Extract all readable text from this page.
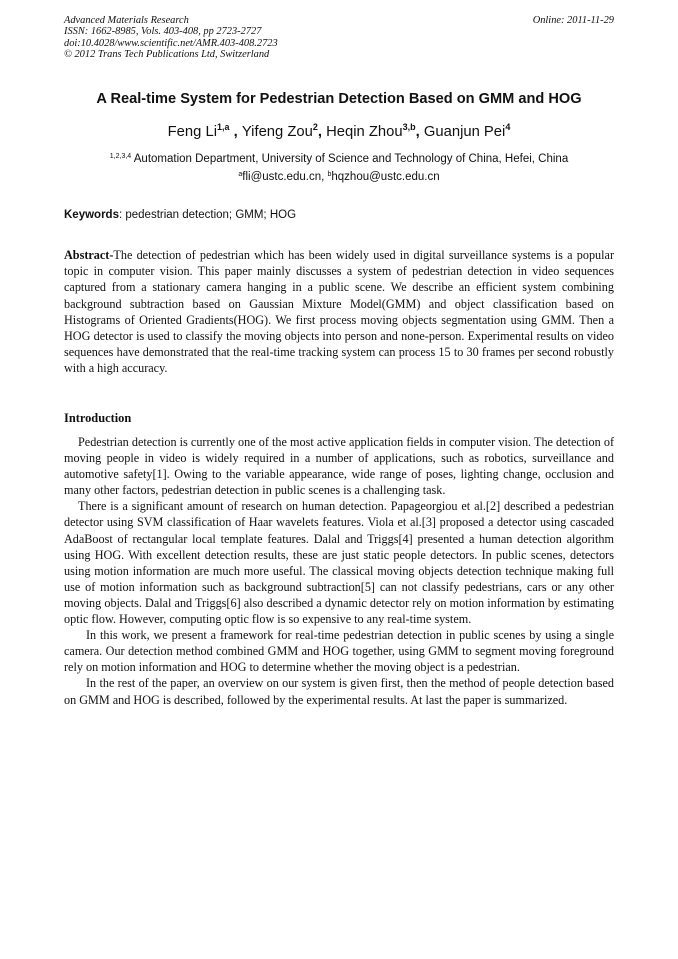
Advanced Materials Research
ISSN: 1662-8985, Vols. 403-408, pp 2723-2727
doi:10.4028/www.scientific.net/AMR.403-408.2723
© 2012 Trans Tech Publications Ltd, Switzerland
Online: 2011-11-29
A Real-time System for Pedestrian Detection Based on GMM and HOG
Feng Li$^{1,a}$ , Yifeng Zou$^2$, Heqin Zhou$^{3,b}$, Guanjun Pei$^4$
$^{1,2,3,4}$ Automation Department, University of Science and Technology of China, Hefei, China
$^a$fli@ustc.edu.cn, $^b$hqzhou@ustc.edu.cn
Keywords: pedestrian detection; GMM; HOG
Abstract-The detection of pedestrian which has been widely used in digital surveillance systems is a popular topic in computer vision. This paper mainly discusses a system of pedestrian detection in video sequences captured from a stationary camera hanging in a public scene. We describe an efficient system combining background subtraction based on Gaussian Mixture Model(GMM) and object classification based on Histograms of Oriented Gradients(HOG). We first process moving objects segmentation using GMM. Then a HOG detector is used to classify the moving objects into person and none-person. Experimental results on video sequences have demonstrated that the real-time tracking system can process 15 to 30 frames per second robustly with a high accuracy.
Introduction

Pedestrian detection is currently one of the most active application fields in computer vision. The detection of moving people in video is widely required in a number of applications, such as robotics, surveillance and automotive safety[1]. Owing to the variable appearance, wide range of poses, lighting change, occlusion and many other factors, pedestrian detection in public scenes is a challenging task.

There is a significant amount of research on human detection. Papageorgiou et al.[2] described a pedestrian detector using SVM classification of Haar wavelets features. Viola et al.[3] proposed a detector using cascaded AdaBoost of rectangular local template features. Dalal and Triggs[4] presented a human detection algorithm using HOG. With excellent detection results, these are just static people detectors. In public scenes, detectors using motion information are much more useful. The classical moving objects detection technique making full use of motion information such as background subtraction[5] can not classify pedestrians, cars or any other moving objects. Dalal and Triggs[6] also described a dynamic detector rely on motion information by estimating optic flow. However, computing optic flow is so expensive to any real-time system.

In this work, we present a framework for real-time pedestrian detection in public scenes by using a single camera. Our detection method combined GMM and HOG together, using GMM to segment moving foreground rely on motion information and HOG to determine whether the moving object is a pedestrian.

In the rest of the paper, an overview on our system is given first, then the method of people detection based on GMM and HOG is described, followed by the experimental results. At last the paper is summarized.
